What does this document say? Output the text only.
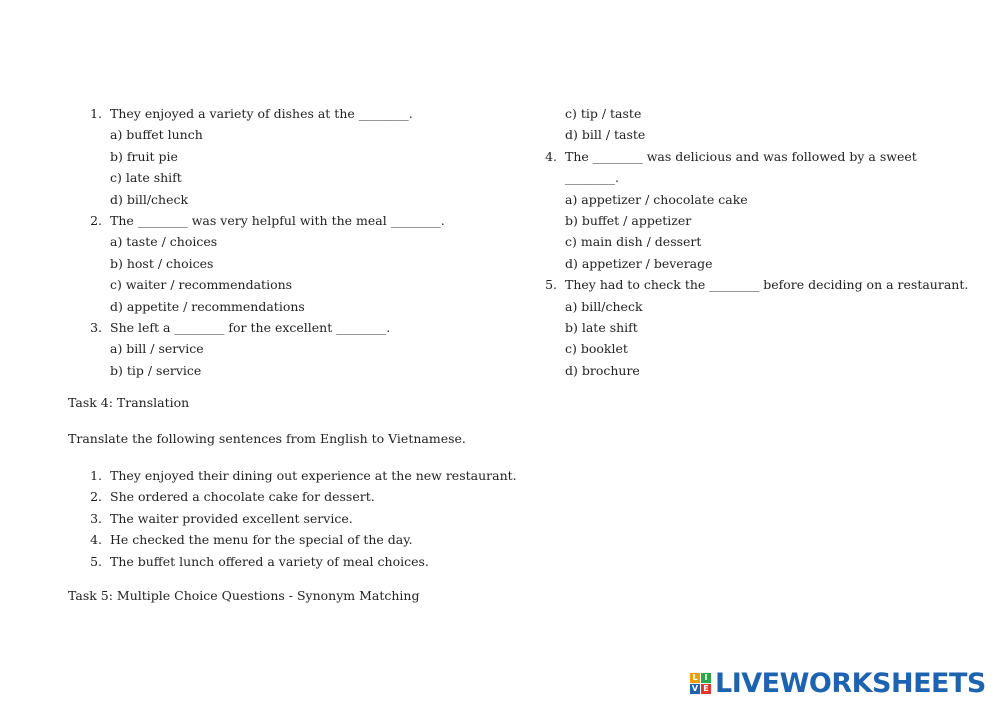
1. They enjoyed a variety of dishes at the ________.
a) buffet lunch
b) fruit pie
c) late shift
d) bill/check
2. The ________ was very helpful with the meal ________.
a) taste / choices
b) host / choices
c) waiter / recommendations
d) appetite / recommendations
3. She left a ________ for the excellent ________.
a) bill / service
b) tip / service
c) tip / taste
d) bill / taste
4. The ________ was delicious and was followed by a sweet
________.
a) appetizer / chocolate cake
b) buffet / appetizer
c) main dish / dessert
d) appetizer / beverage
5. They had to check the ________ before deciding on a restaurant.
a) bill/check
b) late shift
c) booklet
d) brochure
Task 4: Translation
Translate the following sentences from English to Vietnamese.
1. They enjoyed their dining out experience at the new restaurant.
2. She ordered a chocolate cake for dessert.
3. The waiter provided excellent service.
4. He checked the menu for the special of the day.
5. The buffet lunch offered a variety of meal choices.
Task 5: Multiple Choice Questions - Synonym Matching
L I
V E LIVEWORKSHEETS
